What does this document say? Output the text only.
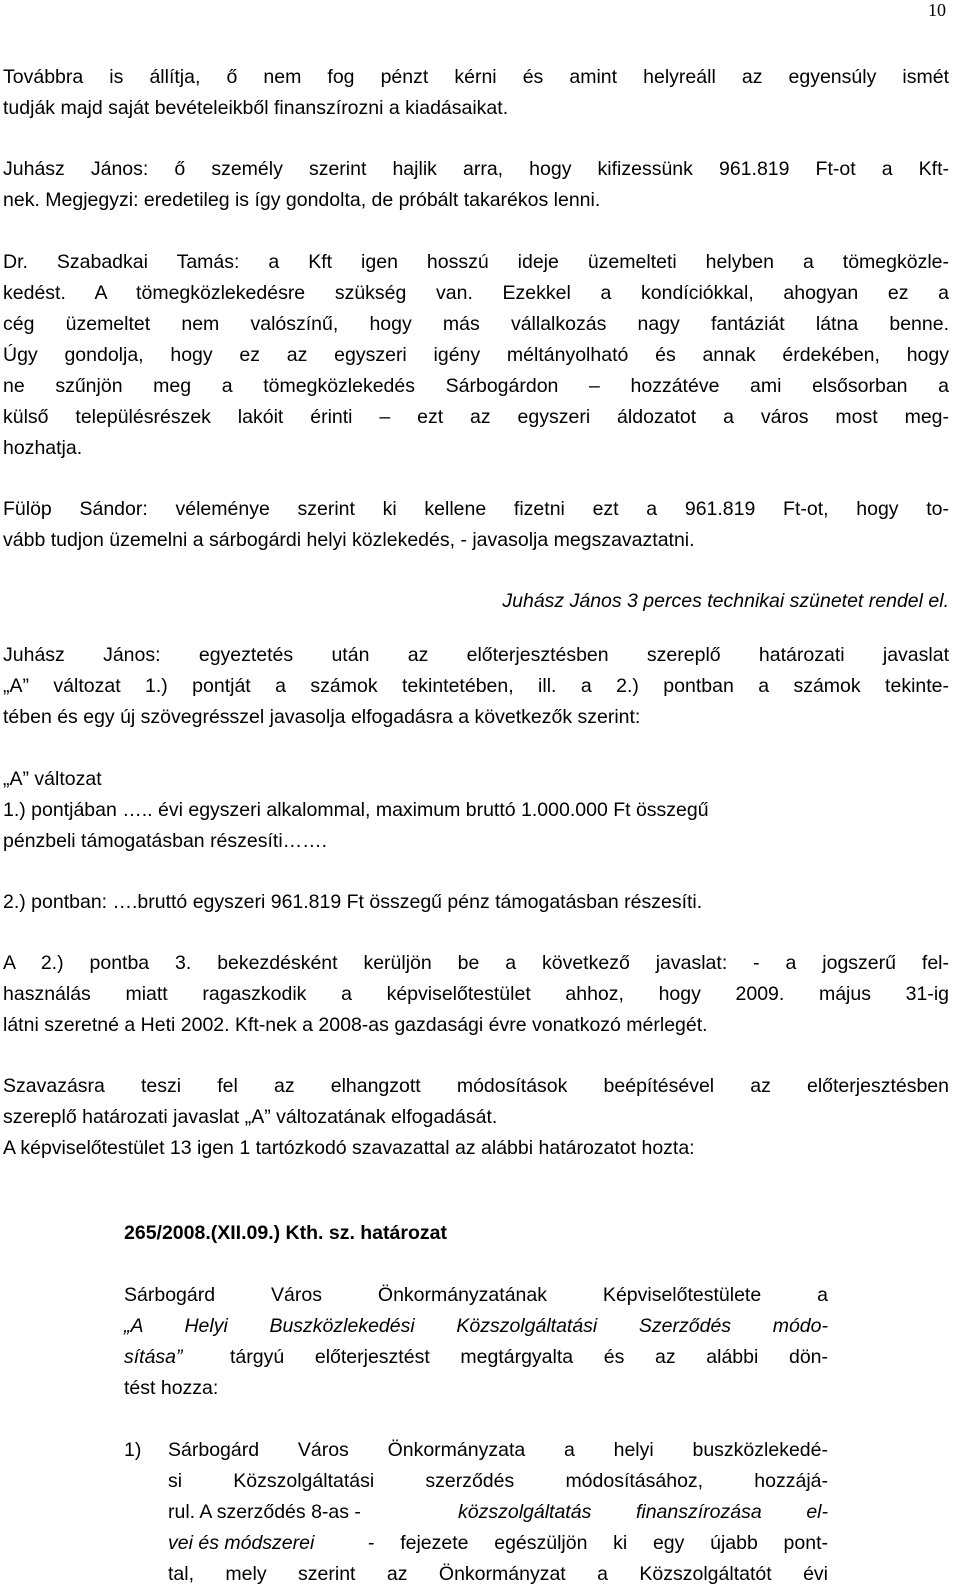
10
Továbbra is állítja, ő nem fog pénzt kérni és amint helyreáll az egyensúly ismét
tudják majd saját bevételeikből finanszírozni a kiadásaikat.
Juhász János: ő személy szerint hajlik arra, hogy kifizessünk 961.819 Ft-ot a Kft-
nek. Megjegyzi: eredetileg is így gondolta, de próbált takarékos lenni.
Dr. Szabadkai Tamás: a Kft igen hosszú ideje üzemelteti helyben a tömegközle-
kedést. A tömegközlekedésre szükség van. Ezekkel a kondíciókkal, ahogyan ez a
cég üzemeltet nem valószínű, hogy más vállalkozás nagy fantáziát látna benne.
Úgy gondolja, hogy ez az egyszeri igény méltányolható és annak érdekében, hogy
ne szűnjön meg a tömegközlekedés Sárbogárdon – hozzátéve ami elsősorban a
külső településrészek lakóit érinti – ezt az egyszeri áldozatot a város most meg-
hozhatja.
Fülöp Sándor: véleménye szerint ki kellene fizetni ezt a 961.819 Ft-ot, hogy to-
vább tudjon üzemelni a sárbogárdi helyi közlekedés, - javasolja megszavaztatni.
Juhász János 3 perces technikai szünetet rendel el.
Juhász János: egyeztetés után az előterjesztésben szereplő határozati javaslat
„A” változat 1.) pontját a számok tekintetében, ill. a 2.) pontban a számok tekinte-
tében és egy új szövegrésszel javasolja elfogadásra a következők szerint:
„A” változat
1.) pontjában ….. évi egyszeri alkalommal, maximum bruttó 1.000.000 Ft összegű
pénzbeli támogatásban részesíti…….
2.) pontban: ….bruttó egyszeri 961.819 Ft összegű pénz támogatásban részesíti.
A 2.) pontba 3. bekezdésként kerüljön be a következő javaslat: - a jogszerű fel-
használás miatt ragaszkodik a képviselőtestület ahhoz, hogy 2009. május 31-ig
látni szeretné a Heti 2002. Kft-nek a 2008-as gazdasági évre vonatkozó mérlegét.
Szavazásra teszi fel az elhangzott módosítások beépítésével az előterjesztésben
szereplő határozati javaslat „A” változatának elfogadását.
A képviselőtestület 13 igen 1 tartózkodó szavazattal az alábbi határozatot hozta:
265/2008.(XII.09.) Kth. sz. határozat
Sárbogárd Város Önkormányzatának Képviselőtestülete a
„A Helyi Buszközlekedési Közszolgáltatási Szerződés módo-
sítása” tárgyú előterjesztést megtárgyalta és az alábbi dön-
tést hozza:
1) Sárbogárd Város Önkormányzata a helyi buszközlekedé-
si Közszolgáltatási szerződés módosításához, hozzájá-
rul. A szerződés 8-as -	közszolgáltatás finanszírozása el-
vei és módszerei	- fejezete egészüljön ki egy újabb pont-
tal, mely szerint az Önkormányzat a Közszolgáltatót évi
